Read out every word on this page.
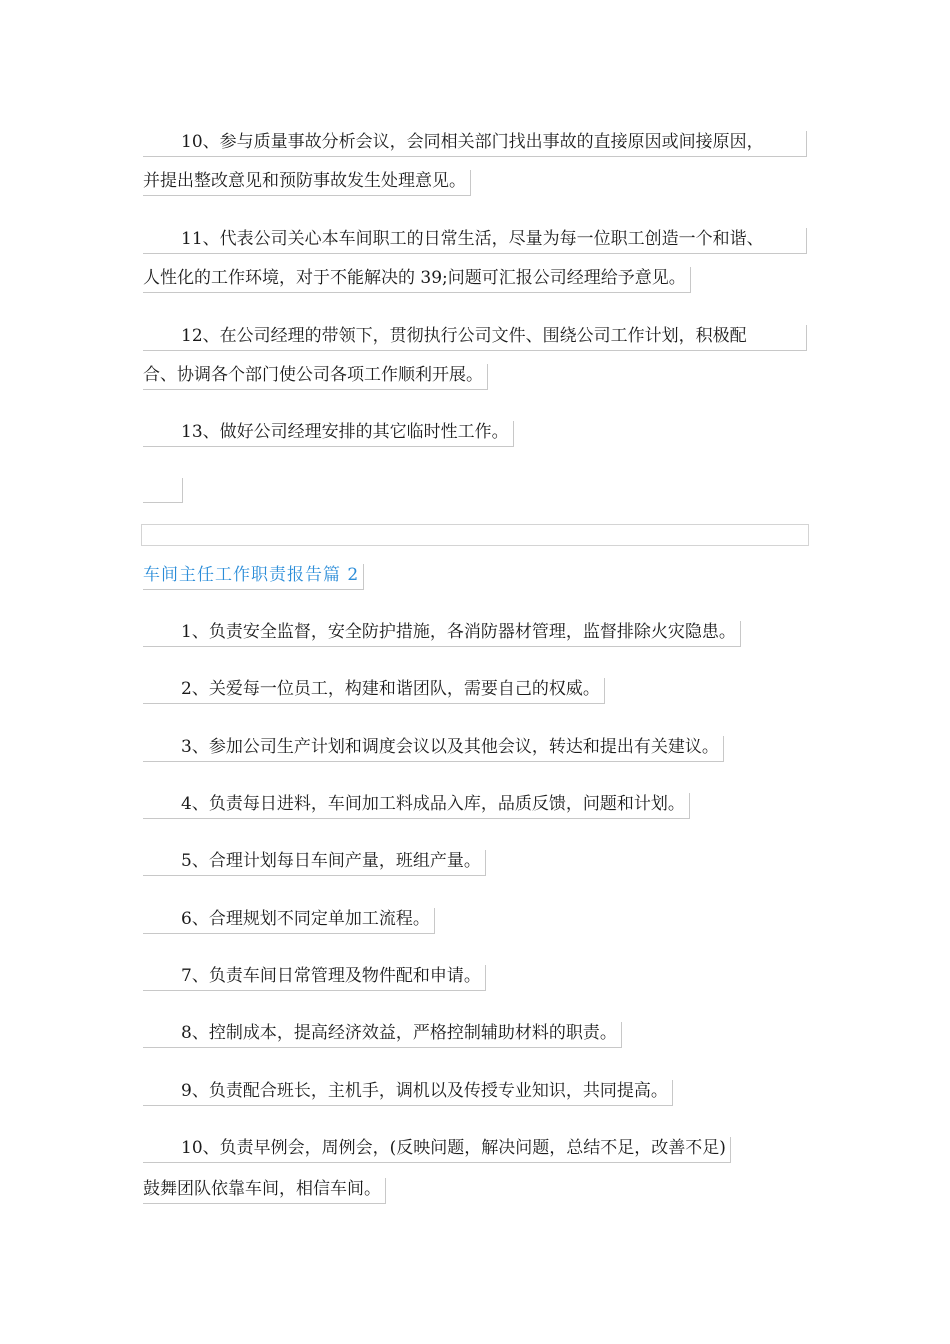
10、参与质量事故分析会议，会同相关部门找出事故的直接原因或间接原因，
并提出整改意见和预防事故发生处理意见。
11、代表公司关心本车间职工的日常生活，尽量为每一位职工创造一个和谐、
人性化的工作环境，对于不能解决的 39;问题可汇报公司经理给予意见。
12、在公司经理的带领下，贯彻执行公司文件、围绕公司工作计划，积极配
合、协调各个部门使公司各项工作顺利开展。
13、做好公司经理安排的其它临时性工作。
车间主任工作职责报告篇 2
1、负责安全监督，安全防护措施，各消防器材管理，监督排除火灾隐患。
2、关爱每一位员工，构建和谐团队，需要自己的权威。
3、参加公司生产计划和调度会议以及其他会议，转达和提出有关建议。
4、负责每日进料，车间加工料成品入库，品质反馈，问题和计划。
5、合理计划每日车间产量，班组产量。
6、合理规划不同定单加工流程。
7、负责车间日常管理及物件配和申请。
8、控制成本，提高经济效益，严格控制辅助材料的职责。
9、负责配合班长，主机手，调机以及传授专业知识，共同提高。
10、负责早例会，周例会，(反映问题，解决问题，总结不足，改善不足)
鼓舞团队依靠车间，相信车间。
